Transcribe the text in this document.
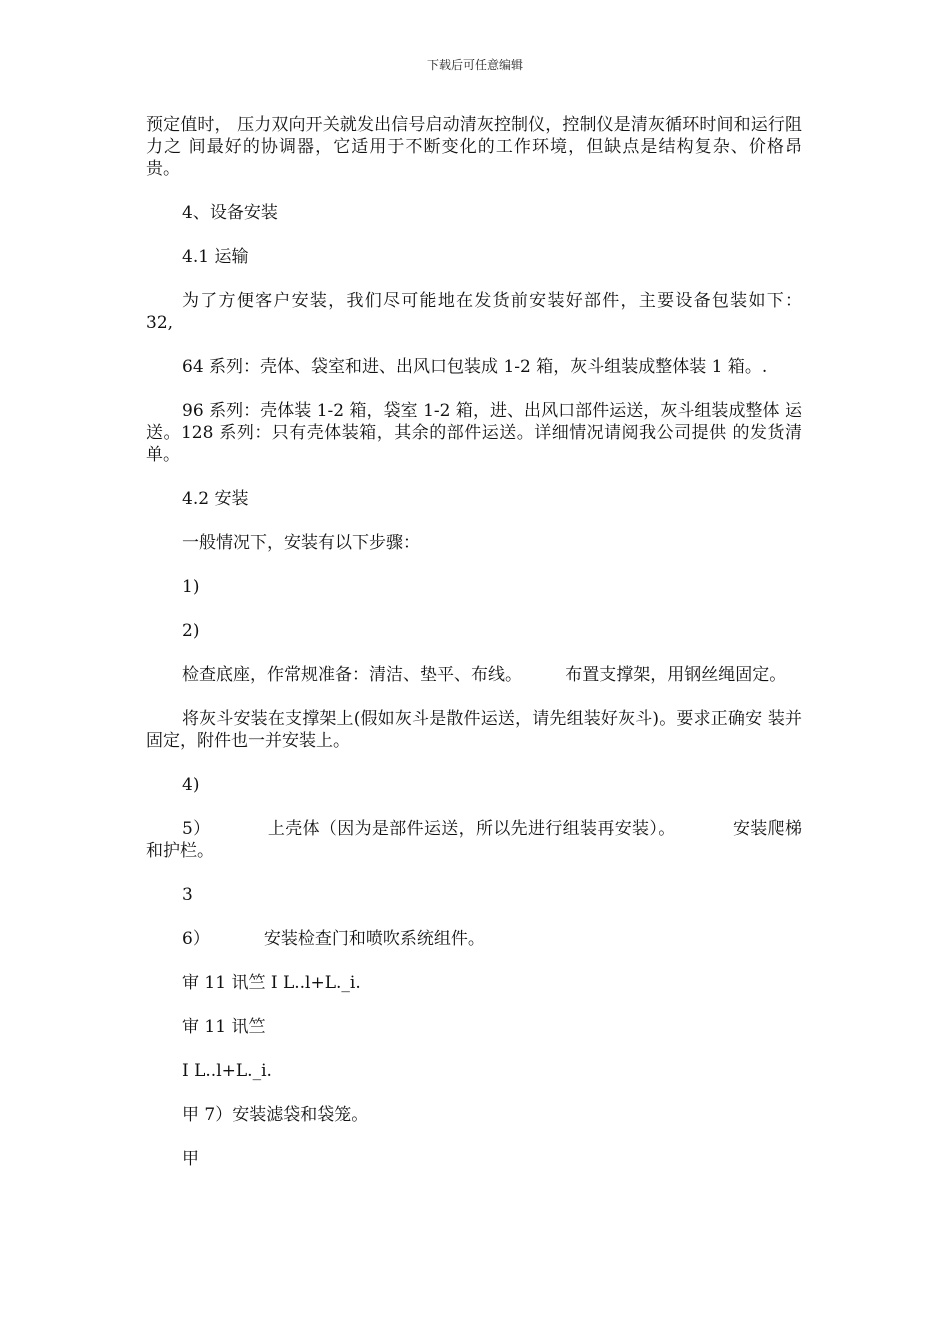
下载后可任意编辑

预定值时， 压力双向开关就发出信号启动清灰控制仪，控制仪是清灰循环时间和运行阻力之 间最好的协调器，它适用于不断变化的工作环境，但缺点是结构复杂、价格昂 贵。

4、设备安装

4.1 运输

为了方便客户安装，我们尽可能地在发货前安装好部件，主要设备包装如下：    32,

64 系列：壳体、袋室和进、出风口包装成 1-2 箱，灰斗组装成整体装 1 箱。.

96 系列：壳体装 1-2 箱，袋室 1-2 箱，进、出风口部件运送，灰斗组装成整体 运送。128 系列：只有壳体装箱，其余的部件运送。详细情况请阅我公司提供 的发货清单。

4.2 安装

一般情况下，安装有以下步骤：

1)

2)

检查底座，作常规准备：清洁、垫平、布线。        布置支撑架，用钢丝绳固定。

将灰斗安装在支撑架上(假如灰斗是散件运送，请先组装好灰斗)。要求正确安 装并固定，附件也一并安装上。

4)

5）          上壳体（因为是部件运送，所以先进行组装再安装）。          安装爬梯和护栏。

3

6）          安装检查门和喷吹系统组件。

审 11 讯竺 I L..l+L._i.

审 11 讯竺

I L..l+L._i.

甲 7）安装滤袋和袋笼。

甲
